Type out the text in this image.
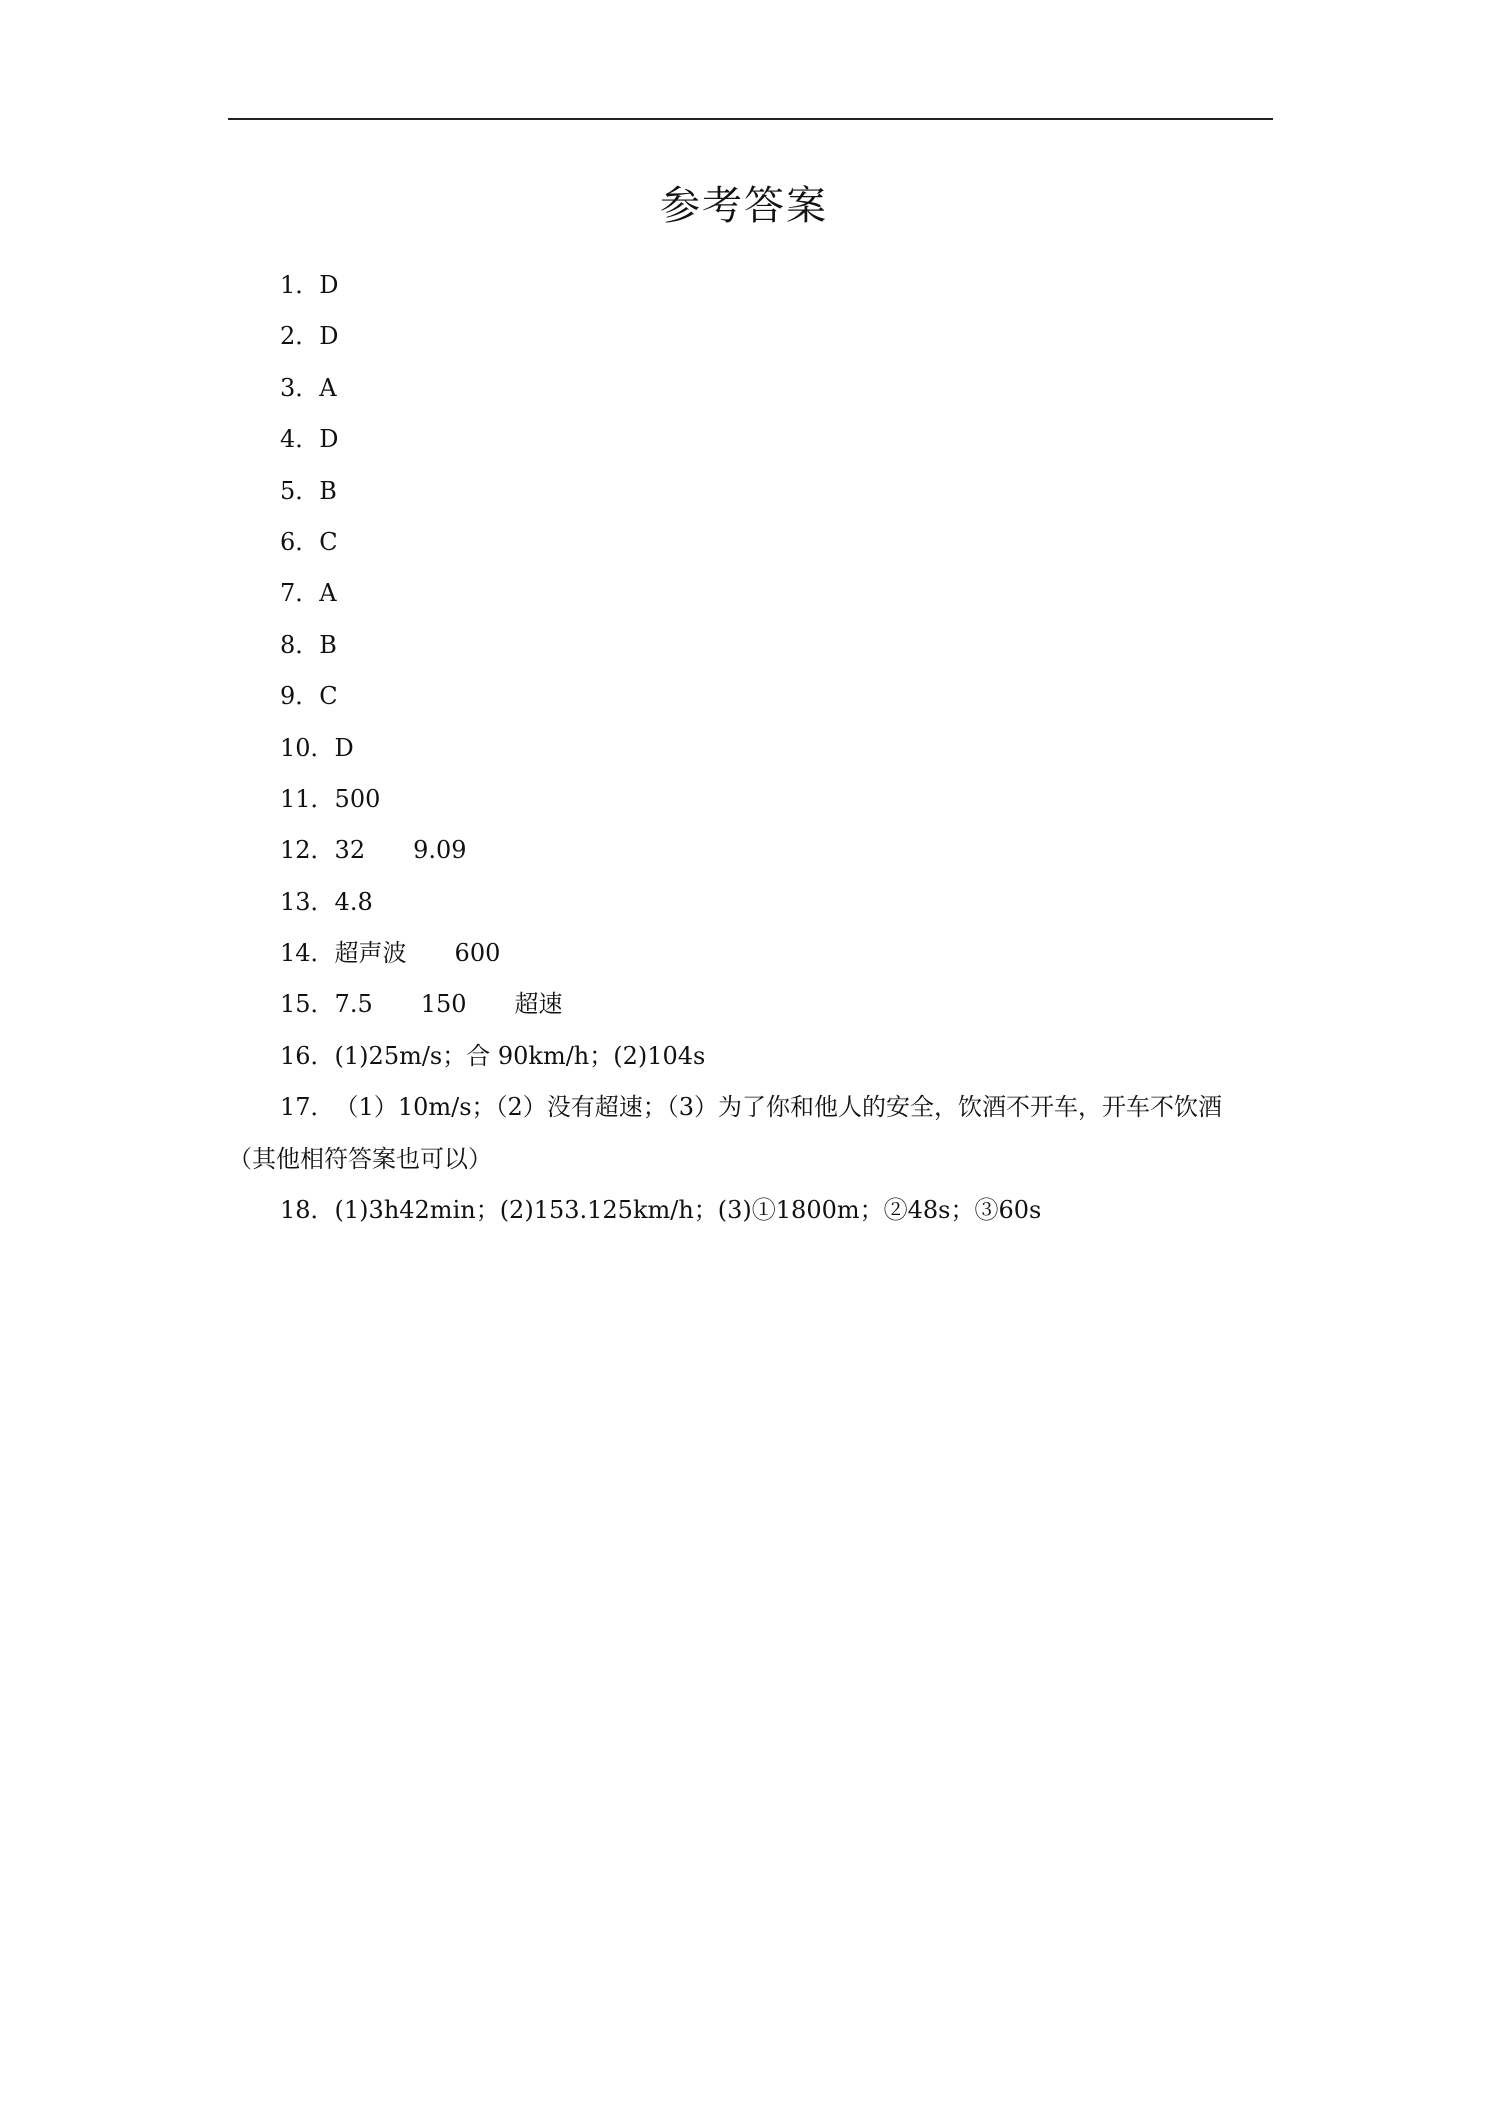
参考答案
1． D
2． D
3． A
4． D
5． B
6． C
7． A
8． B
9． C
10． D
11． 500
12． 32 9.09
13． 4.8
14． 超声波 600
15． 7.5 150 超速
16． (1)25m/s；合 90km/h；(2)104s
17． （1）10m/s；（2）没有超速；（3）为了你和他人的安全，饮酒不开车，开车不饮酒
（其他相符答案也可以）
18． (1)3h42min；(2)153.125km/h；(3)①1800m；②48s；③60s
